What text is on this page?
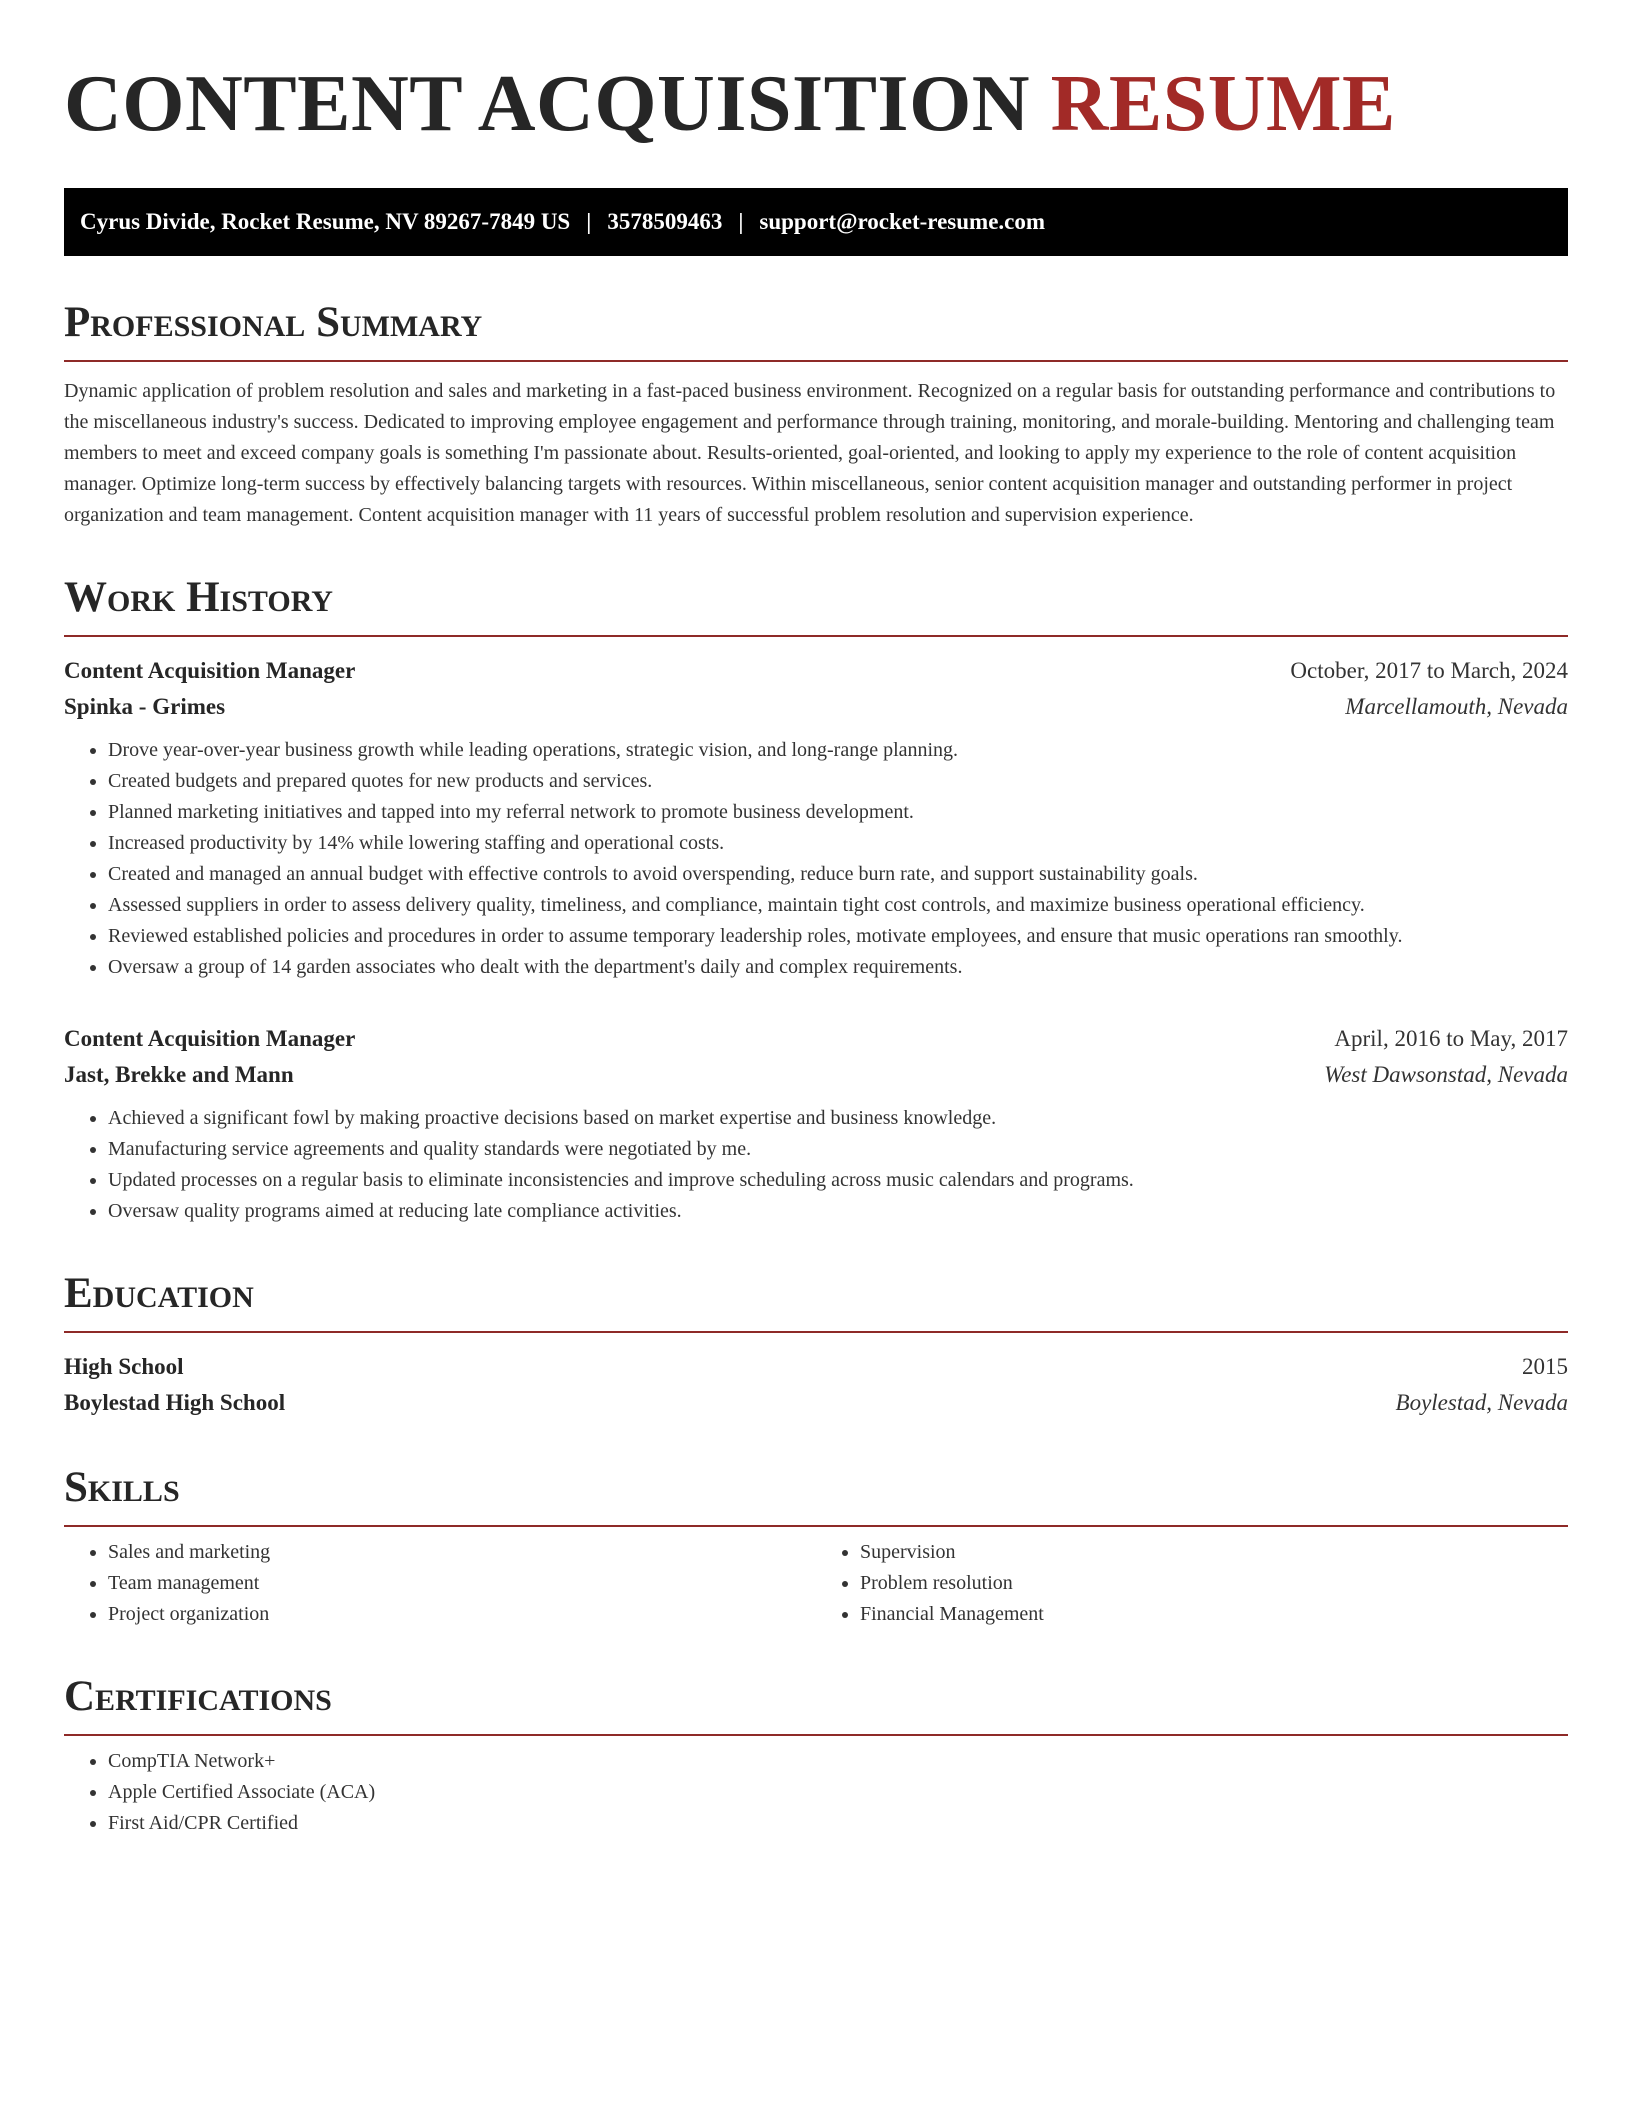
CONTENT ACQUISITION RESUME
Cyrus Divide, Rocket Resume, NV 89267-7849 US | 3578509463 | support@rocket-resume.com
Professional Summary

Dynamic application of problem resolution and sales and marketing in a fast-paced business environment. Recognized on a regular basis for outstanding performance and contributions to the miscellaneous industry's success. Dedicated to improving employee engagement and performance through training, monitoring, and morale-building. Mentoring and challenging team members to meet and exceed company goals is something I'm passionate about. Results-oriented, goal-oriented, and looking to apply my experience to the role of content acquisition manager. Optimize long-term success by effectively balancing targets with resources. Within miscellaneous, senior content acquisition manager and outstanding performer in project organization and team management. Content acquisition manager with 11 years of successful problem resolution and supervision experience.

Work History
Content Acquisition Manager	October, 2017 to March, 2024
Spinka - Grimes	Marcellamouth, Nevada
• Drove year-over-year business growth while leading operations, strategic vision, and long-range planning.
• Created budgets and prepared quotes for new products and services.
• Planned marketing initiatives and tapped into my referral network to promote business development.
• Increased productivity by 14% while lowering staffing and operational costs.
• Created and managed an annual budget with effective controls to avoid overspending, reduce burn rate, and support sustainability goals.
• Assessed suppliers in order to assess delivery quality, timeliness, and compliance, maintain tight cost controls, and maximize business operational efficiency.
• Reviewed established policies and procedures in order to assume temporary leadership roles, motivate employees, and ensure that music operations ran smoothly.
• Oversaw a group of 14 garden associates who dealt with the department's daily and complex requirements.
Content Acquisition Manager	April, 2016 to May, 2017
Jast, Brekke and Mann	West Dawsonstad, Nevada
• Achieved a significant fowl by making proactive decisions based on market expertise and business knowledge.
• Manufacturing service agreements and quality standards were negotiated by me.
• Updated processes on a regular basis to eliminate inconsistencies and improve scheduling across music calendars and programs.
• Oversaw quality programs aimed at reducing late compliance activities.
Education
High School	2015
Boylestad High School	Boylestad, Nevada
Skills
• Sales and marketing
• Team management
• Project organization
• Supervision
• Problem resolution
• Financial Management
Certifications
• CompTIA Network+
• Apple Certified Associate (ACA)
• First Aid/CPR Certified
